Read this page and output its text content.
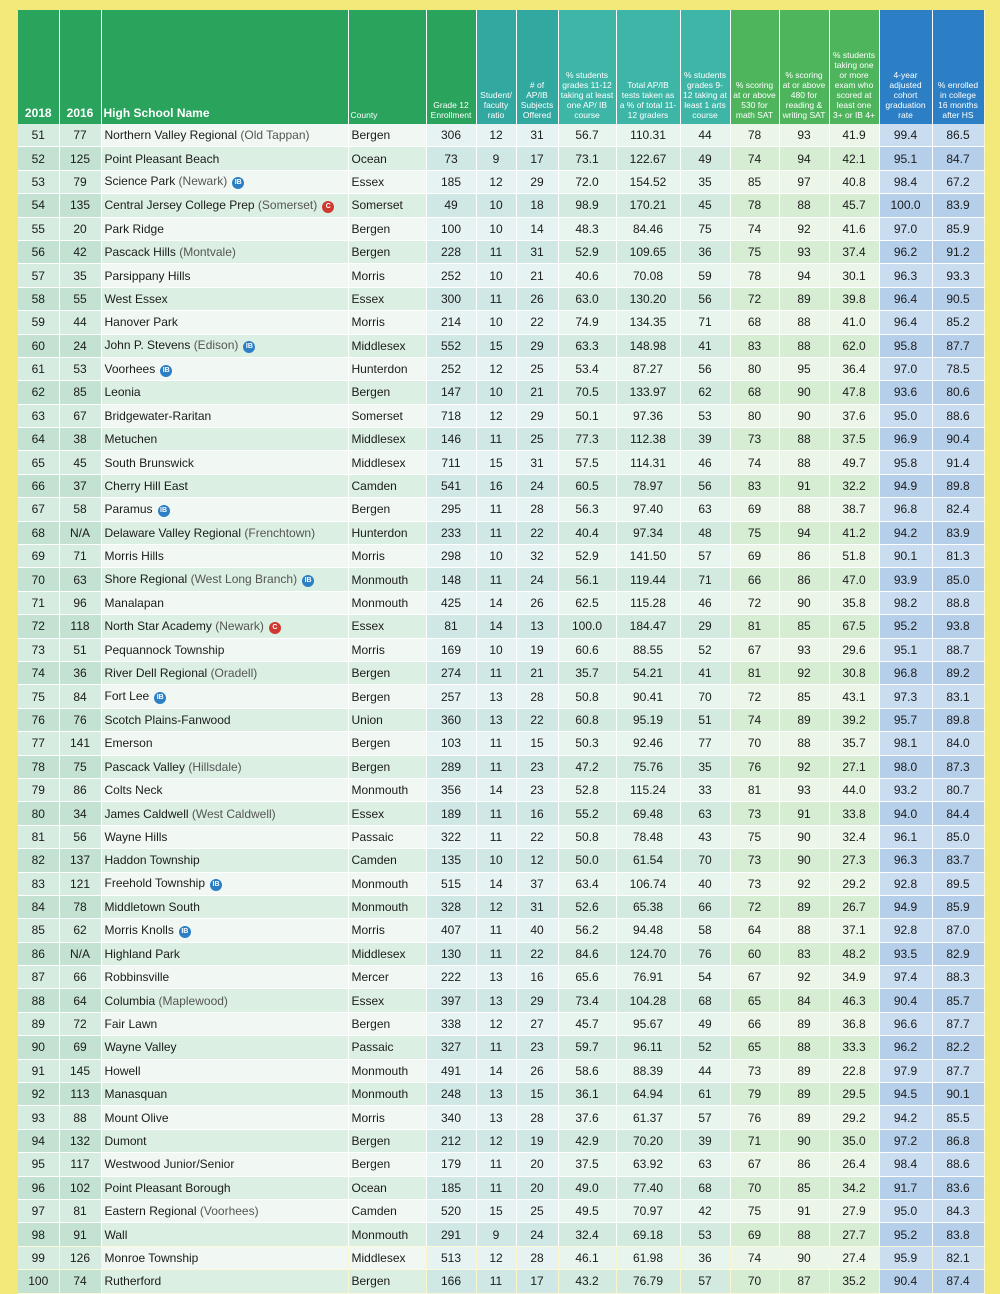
2018	2016	High School Name	County	Grade 12 Enrollment	Student/ faculty ratio	# of AP/IB Subjects Offered	% students grades 11-12 taking at least one AP/ IB course	Total AP/IB tests taken as a % of total 11-12 graders	% students grades 9-12 taking at least 1 arts course	% scoring at or above 530 for math SAT	% scoring at or above 480 for reading & writing SAT	% students taking one or more exam who scored at least one 3+ or IB 4+	4-year adjusted cohort graduation rate	% enrolled in college 16 months after HS
51	77	Northern Valley Regional (Old Tappan)	Bergen	306	12	31	56.7	110.31	44	78	93	41.9	99.4	86.5
52	125	Point Pleasant Beach	Ocean	73	9	17	73.1	122.67	49	74	94	42.1	95.1	84.7
53	79	Science Park (Newark) IB	Essex	185	12	29	72.0	154.52	35	85	97	40.8	98.4	67.2
54	135	Central Jersey College Prep (Somerset) C	Somerset	49	10	18	98.9	170.21	45	78	88	45.7	100.0	83.9
55	20	Park Ridge	Bergen	100	10	14	48.3	84.46	75	74	92	41.6	97.0	85.9
56	42	Pascack Hills (Montvale)	Bergen	228	11	31	52.9	109.65	36	75	93	37.4	96.2	91.2
57	35	Parsippany Hills	Morris	252	10	21	40.6	70.08	59	78	94	30.1	96.3	93.3
58	55	West Essex	Essex	300	11	26	63.0	130.20	56	72	89	39.8	96.4	90.5
59	44	Hanover Park	Morris	214	10	22	74.9	134.35	71	68	88	41.0	96.4	85.2
60	24	John P. Stevens (Edison) IB	Middlesex	552	15	29	63.3	148.98	41	83	88	62.0	95.8	87.7
61	53	Voorhees IB	Hunterdon	252	12	25	53.4	87.27	56	80	95	36.4	97.0	78.5
62	85	Leonia	Bergen	147	10	21	70.5	133.97	62	68	90	47.8	93.6	80.6
63	67	Bridgewater-Raritan	Somerset	718	12	29	50.1	97.36	53	80	90	37.6	95.0	88.6
64	38	Metuchen	Middlesex	146	11	25	77.3	112.38	39	73	88	37.5	96.9	90.4
65	45	South Brunswick	Middlesex	711	15	31	57.5	114.31	46	74	88	49.7	95.8	91.4
66	37	Cherry Hill East	Camden	541	16	24	60.5	78.97	56	83	91	32.2	94.9	89.8
67	58	Paramus IB	Bergen	295	11	28	56.3	97.40	63	69	88	38.7	96.8	82.4
68	N/A	Delaware Valley Regional (Frenchtown)	Hunterdon	233	11	22	40.4	97.34	48	75	94	41.2	94.2	83.9
69	71	Morris Hills	Morris	298	10	32	52.9	141.50	57	69	86	51.8	90.1	81.3
70	63	Shore Regional (West Long Branch) IB	Monmouth	148	11	24	56.1	119.44	71	66	86	47.0	93.9	85.0
71	96	Manalapan	Monmouth	425	14	26	62.5	115.28	46	72	90	35.8	98.2	88.8
72	118	North Star Academy (Newark) C	Essex	81	14	13	100.0	184.47	29	81	85	67.5	95.2	93.8
73	51	Pequannock Township	Morris	169	10	19	60.6	88.55	52	67	93	29.6	95.1	88.7
74	36	River Dell Regional (Oradell)	Bergen	274	11	21	35.7	54.21	41	81	92	30.8	96.8	89.2
75	84	Fort Lee IB	Bergen	257	13	28	50.8	90.41	70	72	85	43.1	97.3	83.1
76	76	Scotch Plains-Fanwood	Union	360	13	22	60.8	95.19	51	74	89	39.2	95.7	89.8
77	141	Emerson	Bergen	103	11	15	50.3	92.46	77	70	88	35.7	98.1	84.0
78	75	Pascack Valley (Hillsdale)	Bergen	289	11	23	47.2	75.76	35	76	92	27.1	98.0	87.3
79	86	Colts Neck	Monmouth	356	14	23	52.8	115.24	33	81	93	44.0	93.2	80.7
80	34	James Caldwell (West Caldwell)	Essex	189	11	16	55.2	69.48	63	73	91	33.8	94.0	84.4
81	56	Wayne Hills	Passaic	322	11	22	50.8	78.48	43	75	90	32.4	96.1	85.0
82	137	Haddon Township	Camden	135	10	12	50.0	61.54	70	73	90	27.3	96.3	83.7
83	121	Freehold Township IB	Monmouth	515	14	37	63.4	106.74	40	73	92	29.2	92.8	89.5
84	78	Middletown South	Monmouth	328	12	31	52.6	65.38	66	72	89	26.7	94.9	85.9
85	62	Morris Knolls IB	Morris	407	11	40	56.2	94.48	58	64	88	37.1	92.8	87.0
86	N/A	Highland Park	Middlesex	130	11	22	84.6	124.70	76	60	83	48.2	93.5	82.9
87	66	Robbinsville	Mercer	222	13	16	65.6	76.91	54	67	92	34.9	97.4	88.3
88	64	Columbia (Maplewood)	Essex	397	13	29	73.4	104.28	68	65	84	46.3	90.4	85.7
89	72	Fair Lawn	Bergen	338	12	27	45.7	95.67	49	66	89	36.8	96.6	87.7
90	69	Wayne Valley	Passaic	327	11	23	59.7	96.11	52	65	88	33.3	96.2	82.2
91	145	Howell	Monmouth	491	14	26	58.6	88.39	44	73	89	22.8	97.9	87.7
92	113	Manasquan	Monmouth	248	13	15	36.1	64.94	61	79	89	29.5	94.5	90.1
93	88	Mount Olive	Morris	340	13	28	37.6	61.37	57	76	89	29.2	94.2	85.5
94	132	Dumont	Bergen	212	12	19	42.9	70.20	39	71	90	35.0	97.2	86.8
95	117	Westwood Junior/Senior	Bergen	179	11	20	37.5	63.92	63	67	86	26.4	98.4	88.6
96	102	Point Pleasant Borough	Ocean	185	11	20	49.0	77.40	68	70	85	34.2	91.7	83.6
97	81	Eastern Regional (Voorhees)	Camden	520	15	25	49.5	70.97	42	75	91	27.9	95.0	84.3
98	91	Wall	Monmouth	291	9	24	32.4	69.18	53	69	88	27.7	95.2	83.8
99	126	Monroe Township	Middlesex	513	12	28	46.1	61.98	36	74	90	27.4	95.9	82.1
100	74	Rutherford	Bergen	166	11	17	43.2	76.79	57	70	87	35.2	90.4	87.4
